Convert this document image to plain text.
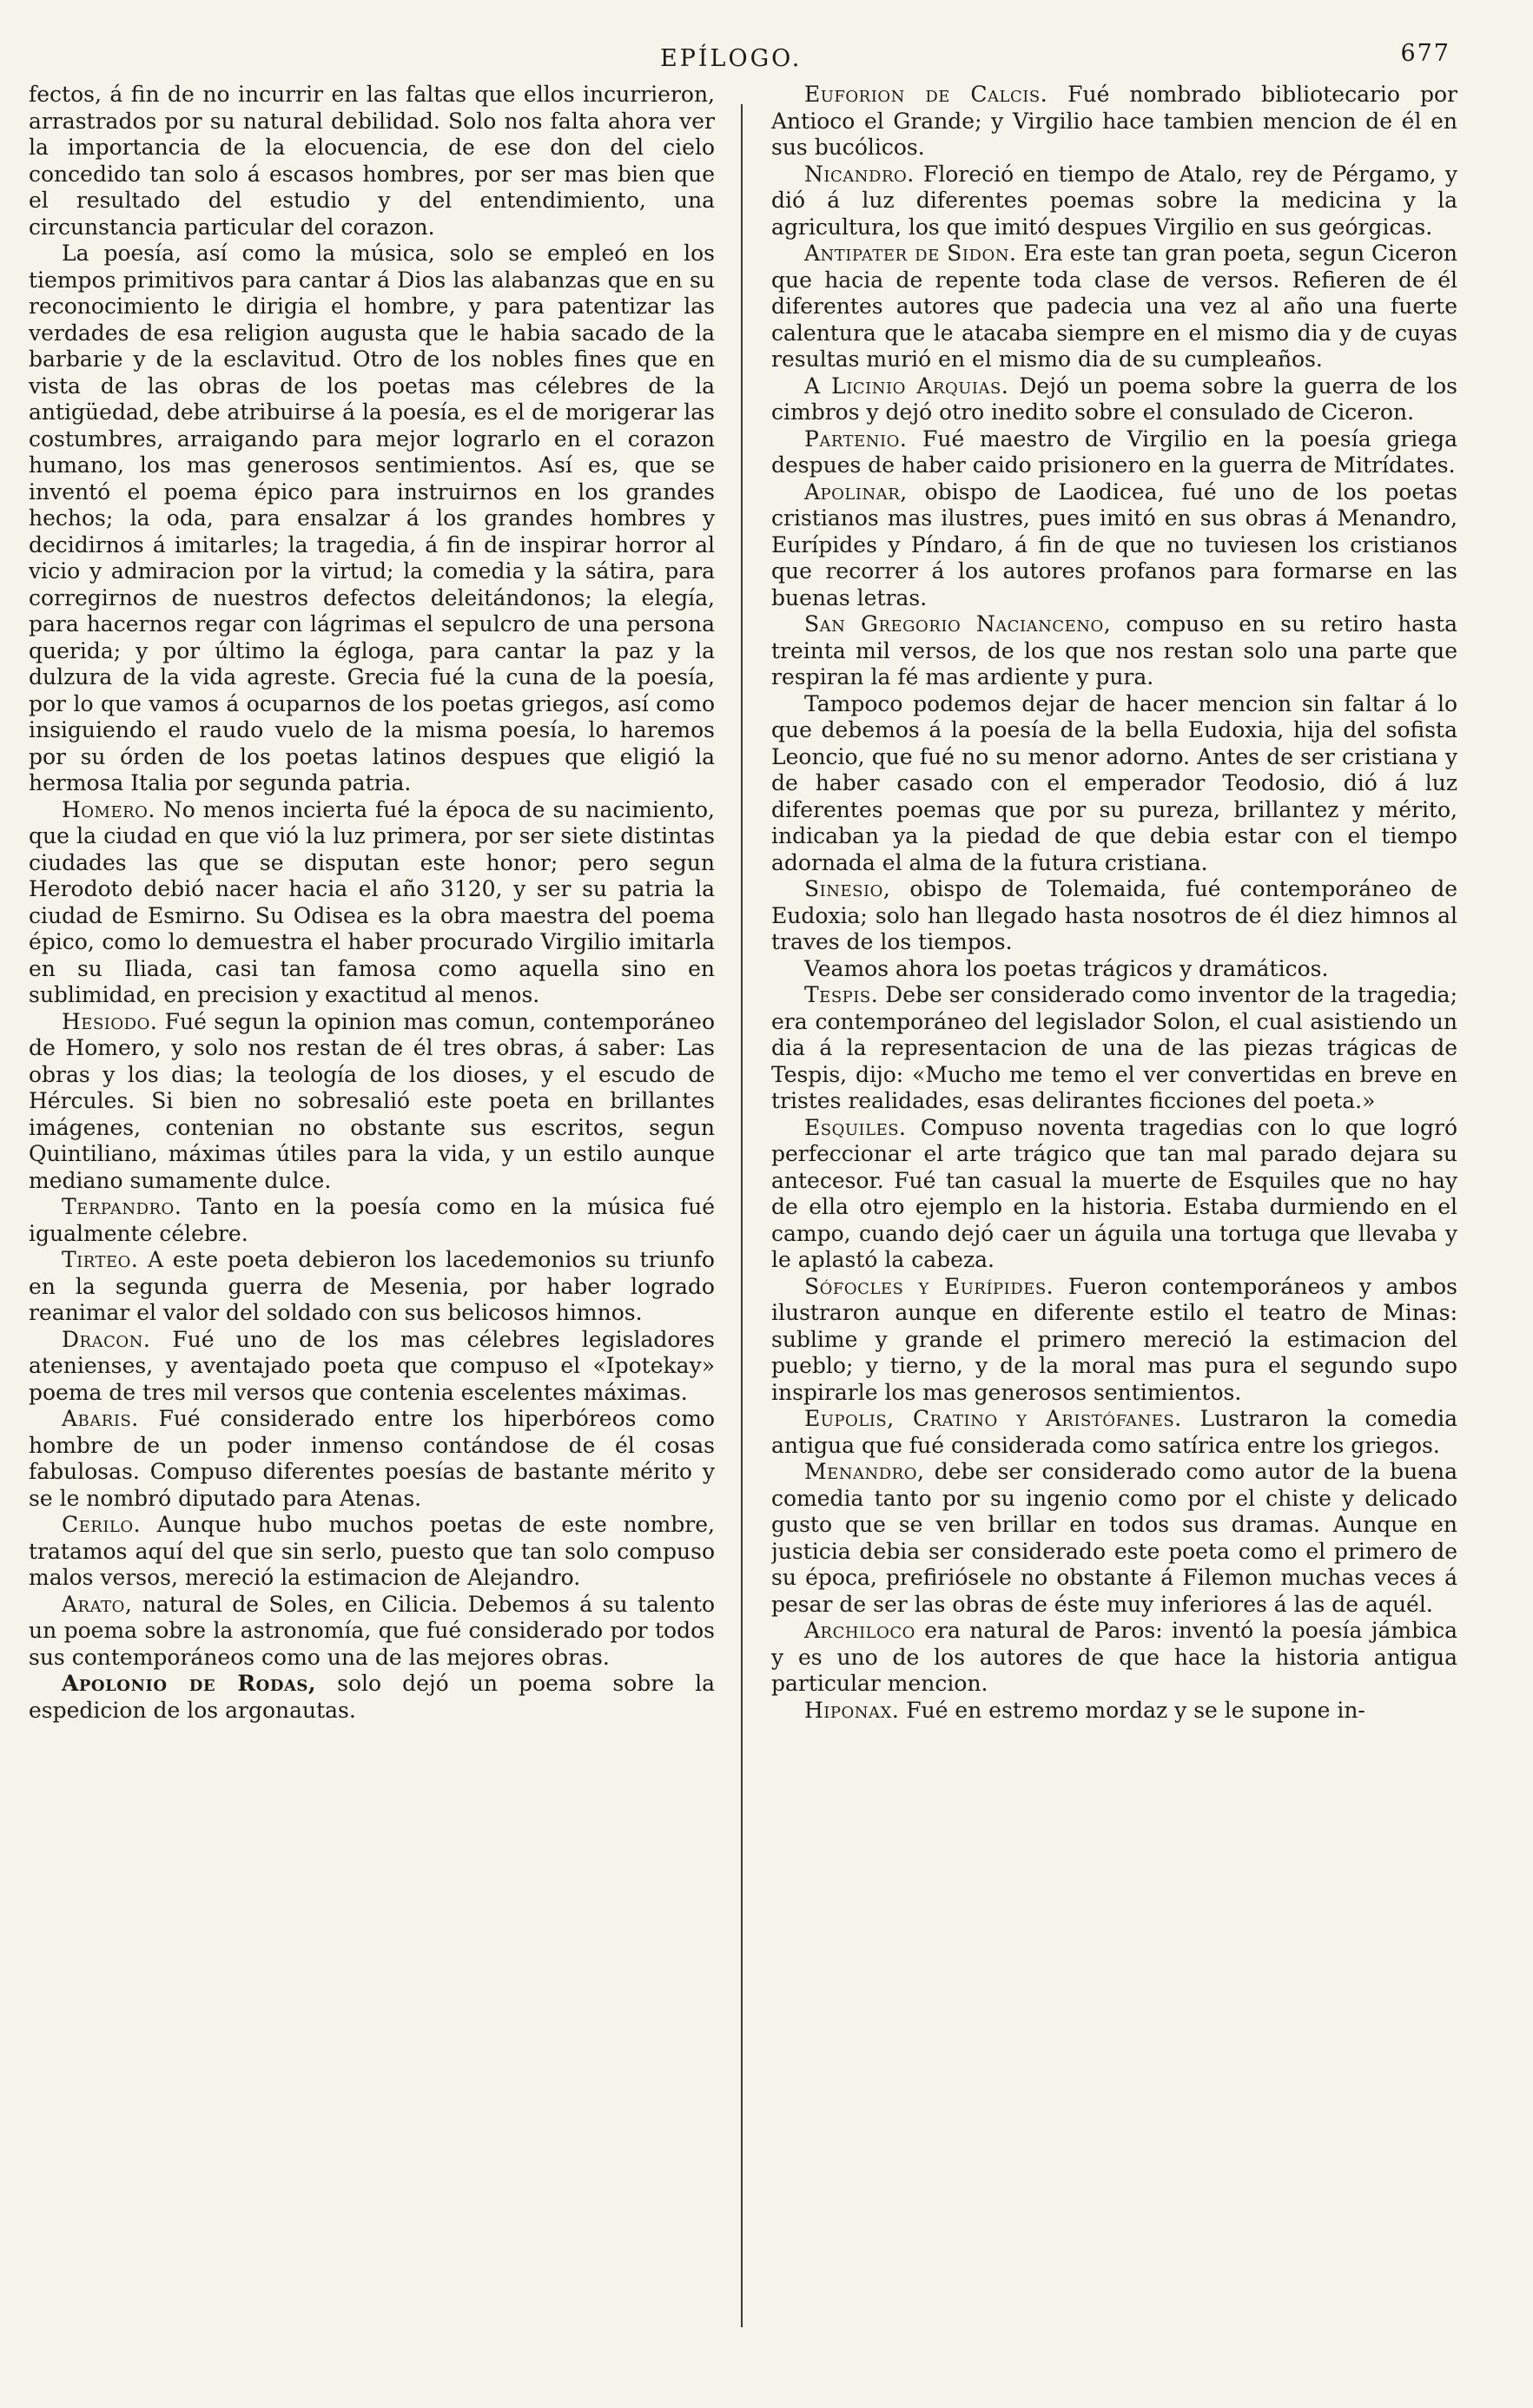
EPÍLOGO.	677

fectos, á fin de no incurrir en las faltas que ellos incurrieron, arrastrados por su natural debilidad. Solo nos falta ahora ver la importancia de la elocuencia, de ese don del cielo concedido tan solo á escasos hombres, por ser mas bien que el resultado del estudio y del entendimiento, una circunstancia particular del corazon.

La poesía, así como la música, solo se empleó en los tiempos primitivos para cantar á Dios las alabanzas que en su reconocimiento le dirigia el hombre, y para patentizar las verdades de esa religion augusta que le habia sacado de la barbarie y de la esclavitud. Otro de los nobles fines que en vista de las obras de los poetas mas célebres de la antigüedad, debe atribuirse á la poesía, es el de morigerar las costumbres, arraigando para mejor lograrlo en el corazon humano, los mas generosos sentimientos. Así es, que se inventó el poema épico para instruirnos en los grandes hechos; la oda, para ensalzar á los grandes hombres y decidirnos á imitarles; la tragedia, á fin de inspirar horror al vicio y admiracion por la virtud; la comedia y la sátira, para corregirnos de nuestros defectos deleitándonos; la elegía, para hacernos regar con lágrimas el sepulcro de una persona querida; y por último la égloga, para cantar la paz y la dulzura de la vida agreste. Grecia fué la cuna de la poesía, por lo que vamos á ocuparnos de los poetas griegos, así como insiguiendo el raudo vuelo de la misma poesía, lo haremos por su órden de los poetas latinos despues que eligió la hermosa Italia por segunda patria.

Homero. No menos incierta fué la época de su nacimiento, que la ciudad en que vió la luz primera, por ser siete distintas ciudades las que se disputan este honor; pero segun Herodoto debió nacer hacia el año 3120, y ser su patria la ciudad de Esmirno. Su Odisea es la obra maestra del poema épico, como lo demuestra el haber procurado Virgilio imitarla en su Iliada, casi tan famosa como aquella sino en sublimidad, en precision y exactitud al menos.

Hesiodo. Fué segun la opinion mas comun, contemporáneo de Homero, y solo nos restan de él tres obras, á saber: Las obras y los dias; la teología de los dioses, y el escudo de Hércules. Si bien no sobresalió este poeta en brillantes imágenes, contenian no obstante sus escritos, segun Quintiliano, máximas útiles para la vida, y un estilo aunque mediano sumamente dulce.

Terpandro. Tanto en la poesía como en la música fué igualmente célebre.

Tirteo. A este poeta debieron los lacedemonios su triunfo en la segunda guerra de Mesenia, por haber logrado reanimar el valor del soldado con sus belicosos himnos.

Dracon. Fué uno de los mas célebres legisladores atenienses, y aventajado poeta que compuso el «Ipotekay» poema de tres mil versos que contenia escelentes máximas.

Abaris. Fué considerado entre los hiperbóreos como hombre de un poder inmenso contándose de él cosas fabulosas. Compuso diferentes poesías de bastante mérito y se le nombró diputado para Atenas.

Cerilo. Aunque hubo muchos poetas de este nombre, tratamos aquí del que sin serlo, puesto que tan solo compuso malos versos, mereció la estimacion de Alejandro.

Arato, natural de Soles, en Cilicia. Debemos á su talento un poema sobre la astronomía, que fué considerado por todos sus contemporáneos como una de las mejores obras.

Apolonio de Rodas, solo dejó un poema sobre la espedicion de los argonautas.

Euforion de Calcis. Fué nombrado bibliotecario por Antioco el Grande; y Virgilio hace tambien mencion de él en sus bucólicos.

Nicandro. Floreció en tiempo de Atalo, rey de Pérgamo, y dió á luz diferentes poemas sobre la medicina y la agricultura, los que imitó despues Virgilio en sus geórgicas.

Antipater de Sidon. Era este tan gran poeta, segun Ciceron que hacia de repente toda clase de versos. Refieren de él diferentes autores que padecia una vez al año una fuerte calentura que le atacaba siempre en el mismo dia y de cuyas resultas murió en el mismo dia de su cumpleaños.

A Licinio Arquias. Dejó un poema sobre la guerra de los cimbros y dejó otro inedito sobre el consulado de Ciceron.

Partenio. Fué maestro de Virgilio en la poesía griega despues de haber caido prisionero en la guerra de Mitrídates.

Apolinar, obispo de Laodicea, fué uno de los poetas cristianos mas ilustres, pues imitó en sus obras á Menandro, Eurípides y Píndaro, á fin de que no tuviesen los cristianos que recorrer á los autores profanos para formarse en las buenas letras.

San Gregorio Nacianceno, compuso en su retiro hasta treinta mil versos, de los que nos restan solo una parte que respiran la fé mas ardiente y pura.

Tampoco podemos dejar de hacer mencion sin faltar á lo que debemos á la poesía de la bella Eudoxia, hija del sofista Leoncio, que fué no su menor adorno. Antes de ser cristiana y de haber casado con el emperador Teodosio, dió á luz diferentes poemas que por su pureza, brillantez y mérito, indicaban ya la piedad de que debia estar con el tiempo adornada el alma de la futura cristiana.

Sinesio, obispo de Tolemaida, fué contemporáneo de Eudoxia; solo han llegado hasta nosotros de él diez himnos al traves de los tiempos.

Veamos ahora los poetas trágicos y dramáticos.

Tespis. Debe ser considerado como inventor de la tragedia; era contemporáneo del legislador Solon, el cual asistiendo un dia á la representacion de una de las piezas trágicas de Tespis, dijo: «Mucho me temo el ver convertidas en breve en tristes realidades, esas delirantes ficciones del poeta.»

Esquiles. Compuso noventa tragedias con lo que logró perfeccionar el arte trágico que tan mal parado dejara su antecesor. Fué tan casual la muerte de Esquiles que no hay de ella otro ejemplo en la historia. Estaba durmiendo en el campo, cuando dejó caer un águila una tortuga que llevaba y le aplastó la cabeza.

Sófocles y Eurípides. Fueron contemporáneos y ambos ilustraron aunque en diferente estilo el teatro de Minas: sublime y grande el primero mereció la estimacion del pueblo; y tierno, y de la moral mas pura el segundo supo inspirarle los mas generosos sentimientos.

Eupolis, Cratino y Aristófanes. Lustraron la comedia antigua que fué considerada como satírica entre los griegos.

Menandro, debe ser considerado como autor de la buena comedia tanto por su ingenio como por el chiste y delicado gusto que se ven brillar en todos sus dramas. Aunque en justicia debia ser considerado este poeta como el primero de su época, prefiriósele no obstante á Filemon muchas veces á pesar de ser las obras de éste muy inferiores á las de aquél.

Archiloco era natural de Paros: inventó la poesía jámbica y es uno de los autores de que hace la historia antigua particular mencion.

Hiponax. Fué en estremo mordaz y se le supone in-
